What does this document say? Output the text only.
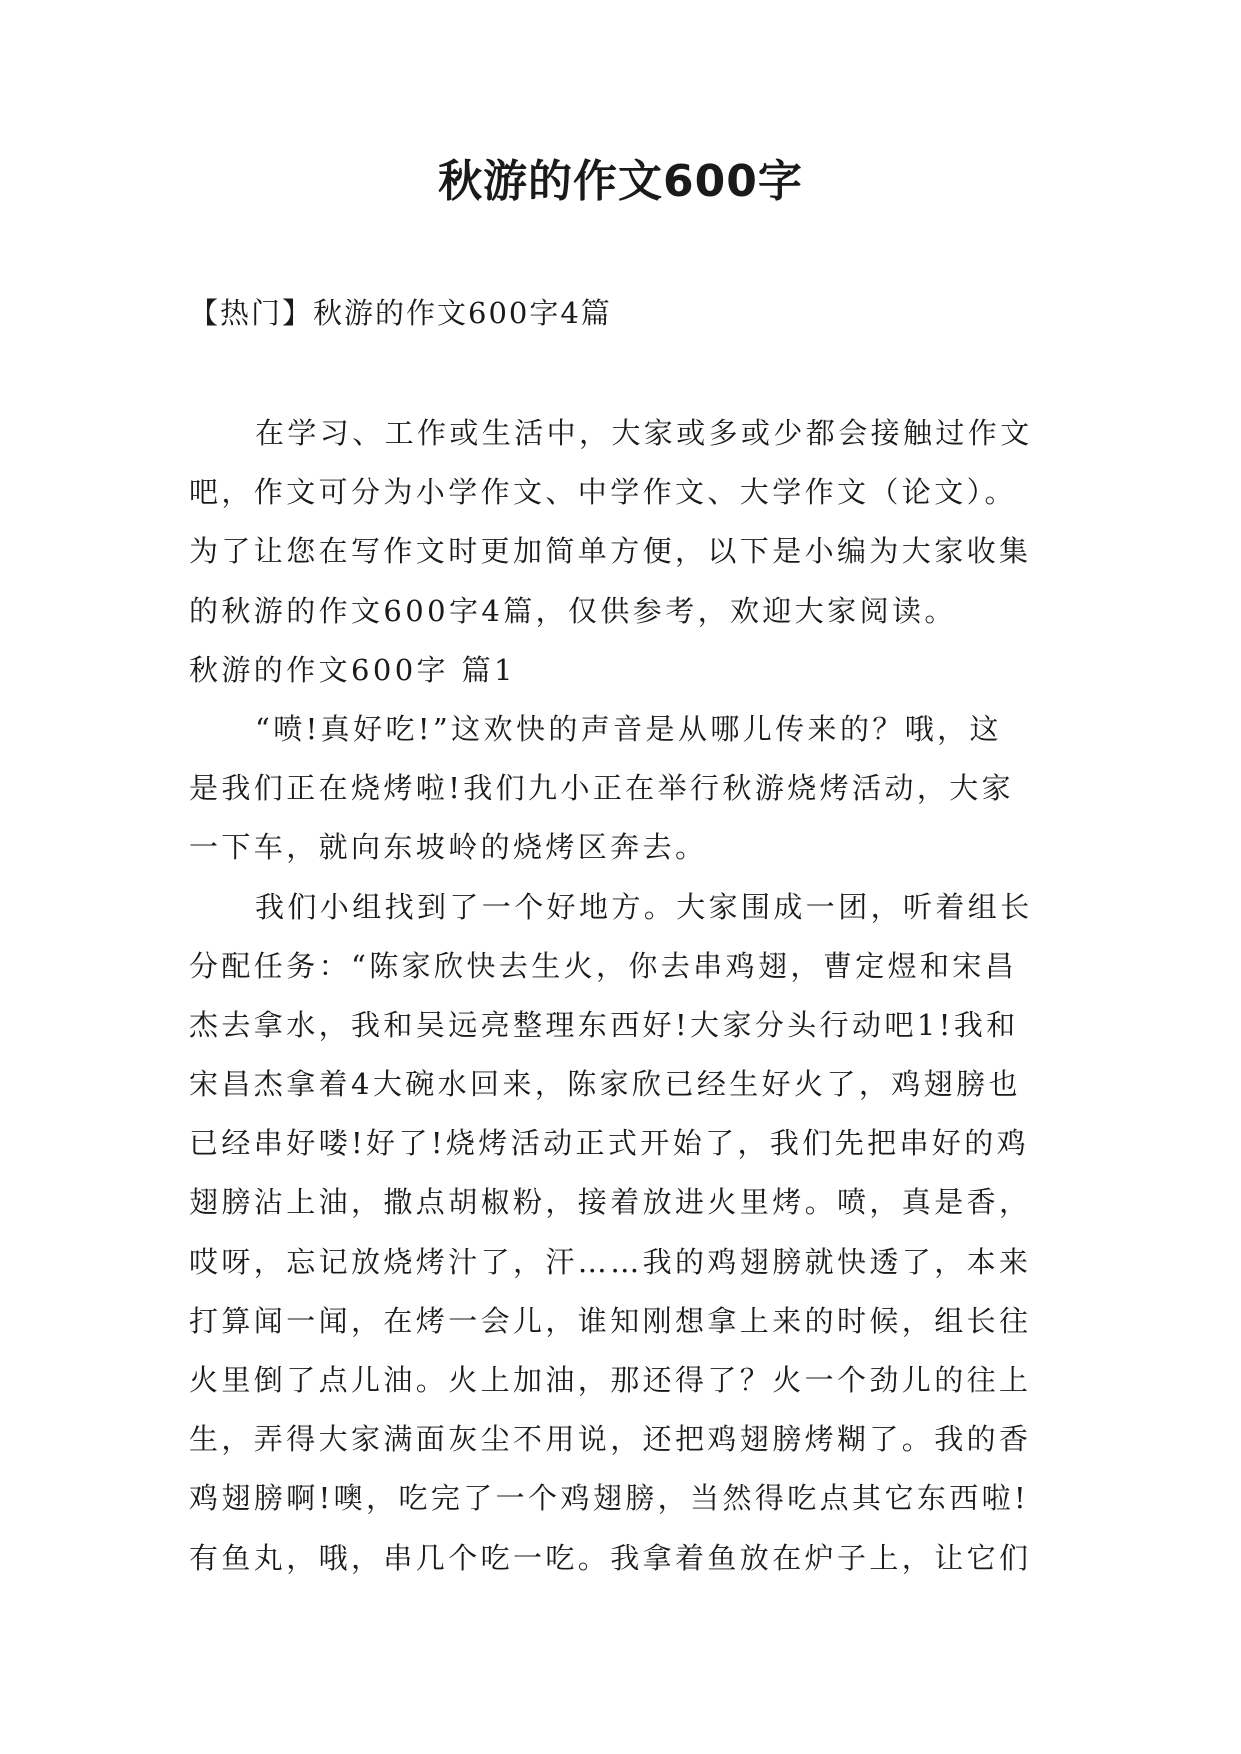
秋游的作文600字

【热门】秋游的作文600字4篇

在学习、工作或生活中，大家或多或少都会接触过作文
吧，作文可分为小学作文、中学作文、大学作文（论文）。
为了让您在写作文时更加简单方便，以下是小编为大家收集
的秋游的作文600字4篇，仅供参考，欢迎大家阅读。
秋游的作文600字 篇1
“喷!真好吃!”这欢快的声音是从哪儿传来的？哦，这
是我们正在烧烤啦!我们九小正在举行秋游烧烤活动，大家
一下车，就向东坡岭的烧烤区奔去。
我们小组找到了一个好地方。大家围成一团，听着组长
分配任务：“陈家欣快去生火，你去串鸡翅，曹定煜和宋昌
杰去拿水，我和吴远亮整理东西好!大家分头行动吧1!我和
宋昌杰拿着4大碗水回来，陈家欣已经生好火了，鸡翅膀也
已经串好喽!好了!烧烤活动正式开始了，我们先把串好的鸡
翅膀沾上油，撒点胡椒粉，接着放进火里烤。喷，真是香，
哎呀，忘记放烧烤汁了，汗……我的鸡翅膀就快透了，本来
打算闻一闻，在烤一会儿，谁知刚想拿上来的时候，组长往
火里倒了点儿油。火上加油，那还得了？火一个劲儿的往上
生，弄得大家满面灰尘不用说，还把鸡翅膀烤糊了。我的香
鸡翅膀啊!噢，吃完了一个鸡翅膀，当然得吃点其它东西啦!
有鱼丸，哦，串几个吃一吃。我拿着鱼放在炉子上，让它们
